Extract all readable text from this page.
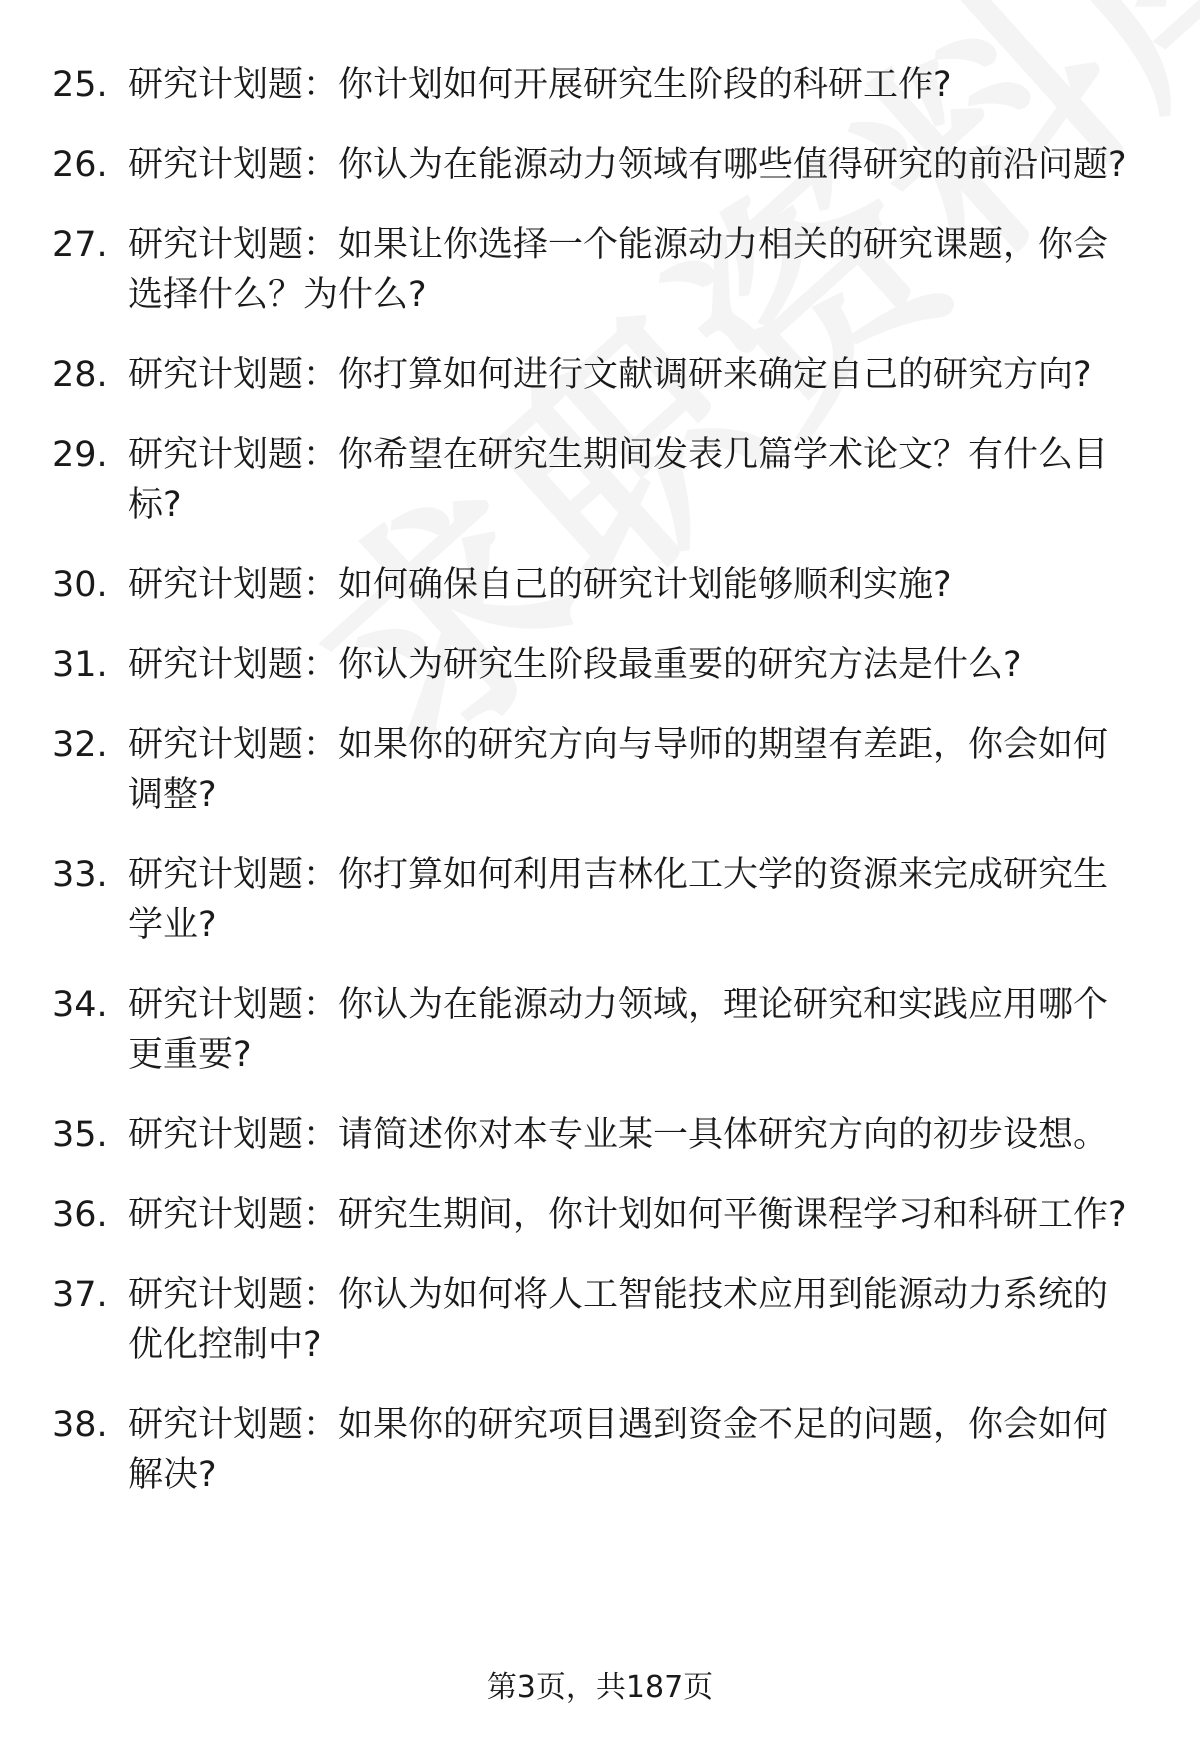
25. 研究计划题：你计划如何开展研究生阶段的科研工作?
26. 研究计划题：你认为在能源动力领域有哪些值得研究的前沿问题?
27. 研究计划题：如果让你选择一个能源动力相关的研究课题，你会选择什么？为什么?
28. 研究计划题：你打算如何进行文献调研来确定自己的研究方向?
29. 研究计划题：你希望在研究生期间发表几篇学术论文？有什么目标?
30. 研究计划题：如何确保自己的研究计划能够顺利实施?
31. 研究计划题：你认为研究生阶段最重要的研究方法是什么?
32. 研究计划题：如果你的研究方向与导师的期望有差距，你会如何调整?
33. 研究计划题：你打算如何利用吉林化工大学的资源来完成研究生学业?
34. 研究计划题：你认为在能源动力领域，理论研究和实践应用哪个更重要?
35. 研究计划题：请简述你对本专业某一具体研究方向的初步设想。
36. 研究计划题：研究生期间，你计划如何平衡课程学习和科研工作?
37. 研究计划题：你认为如何将人工智能技术应用到能源动力系统的优化控制中?
38. 研究计划题：如果你的研究项目遇到资金不足的问题，你会如何解决?
第3页，共187页
